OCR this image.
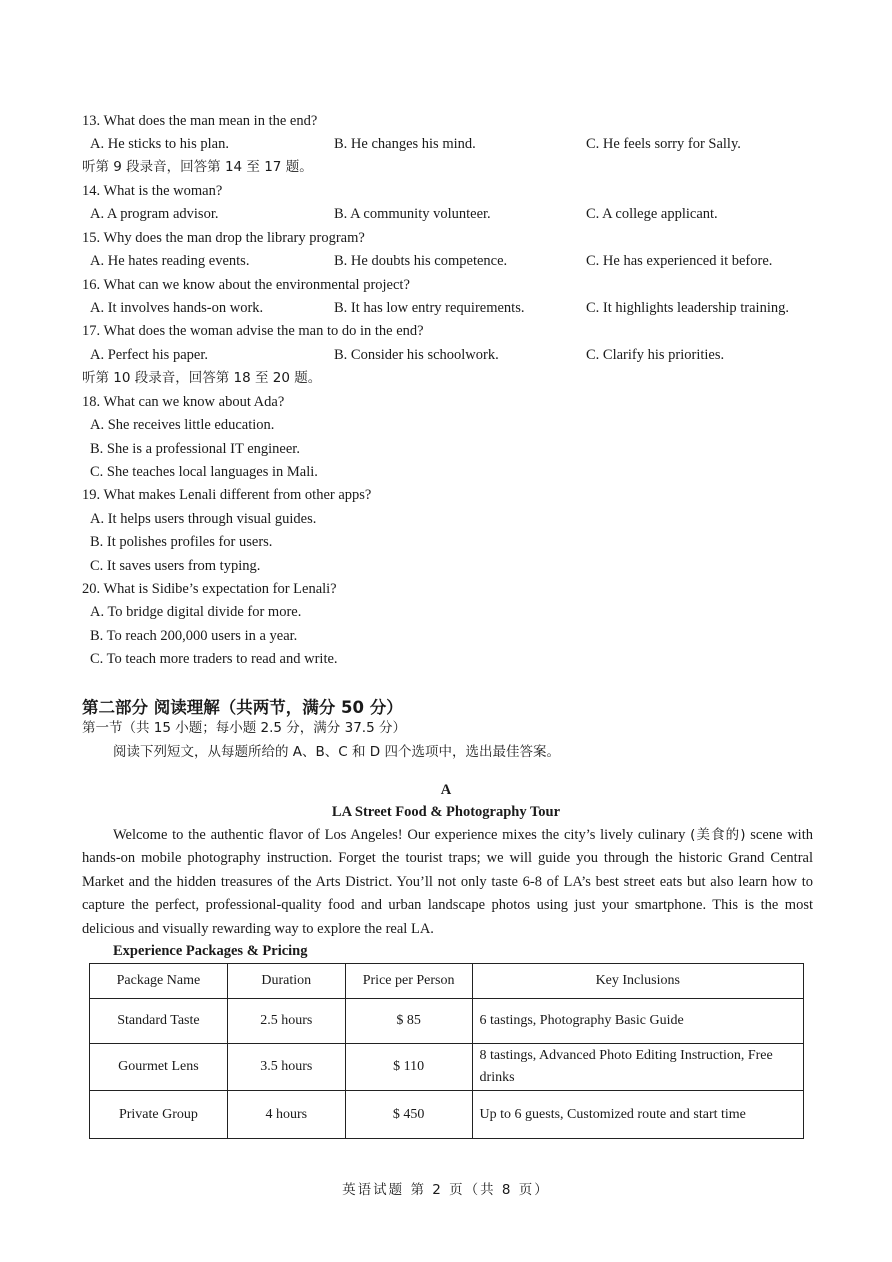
13. What does the man mean in the end?
A. He sticks to his plan.	B. He changes his mind.	C. He feels sorry for Sally.
听第 9 段录音，回答第 14 至 17 题。
14. What is the woman?
A. A program advisor.	B. A community volunteer.	C. A college applicant.
15. Why does the man drop the library program?
A. He hates reading events.	B. He doubts his competence.	C. He has experienced it before.
16. What can we know about the environmental project?
A. It involves hands-on work.	B. It has low entry requirements.	C. It highlights leadership training.
17. What does the woman advise the man to do in the end?
A. Perfect his paper.	B. Consider his schoolwork.	C. Clarify his priorities.
听第 10 段录音，回答第 18 至 20 题。
18. What can we know about Ada?
A. She receives little education.
B. She is a professional IT engineer.
C. She teaches local languages in Mali.
19. What makes Lenali different from other apps?
A. It helps users through visual guides.
B. It polishes profiles for users.
C. It saves users from typing.
20. What is Sidibe’s expectation for Lenali?
A. To bridge digital divide for more.
B. To reach 200,000 users in a year.
C. To teach more traders to read and write.
第二部分 阅读理解（共两节，满分 50 分）
第一节（共 15 小题；每小题 2.5 分，满分 37.5 分）
阅读下列短文，从每题所给的 A、B、C 和 D 四个选项中，选出最佳答案。
A
LA Street Food & Photography Tour
Welcome to the authentic flavor of Los Angeles! Our experience mixes the city’s lively culinary (美食的) scene with hands-on mobile photography instruction. Forget the tourist traps; we will guide you through the historic Grand Central Market and the hidden treasures of the Arts District. You’ll not only taste 6-8 of LA’s best street eats but also learn how to capture the perfect, professional-quality food and urban landscape photos using just your smartphone. This is the most delicious and visually rewarding way to explore the real LA.
Experience Packages & Pricing
Package Name	Duration	Price per Person	Key Inclusions
Standard Taste	2.5 hours	$ 85	6 tastings, Photography Basic Guide
Gourmet Lens	3.5 hours	$ 110	8 tastings, Advanced Photo Editing Instruction, Free drinks
Private Group	4 hours	$ 450	Up to 6 guests, Customized route and start time
英语试题 第 2 页（共 8 页）
